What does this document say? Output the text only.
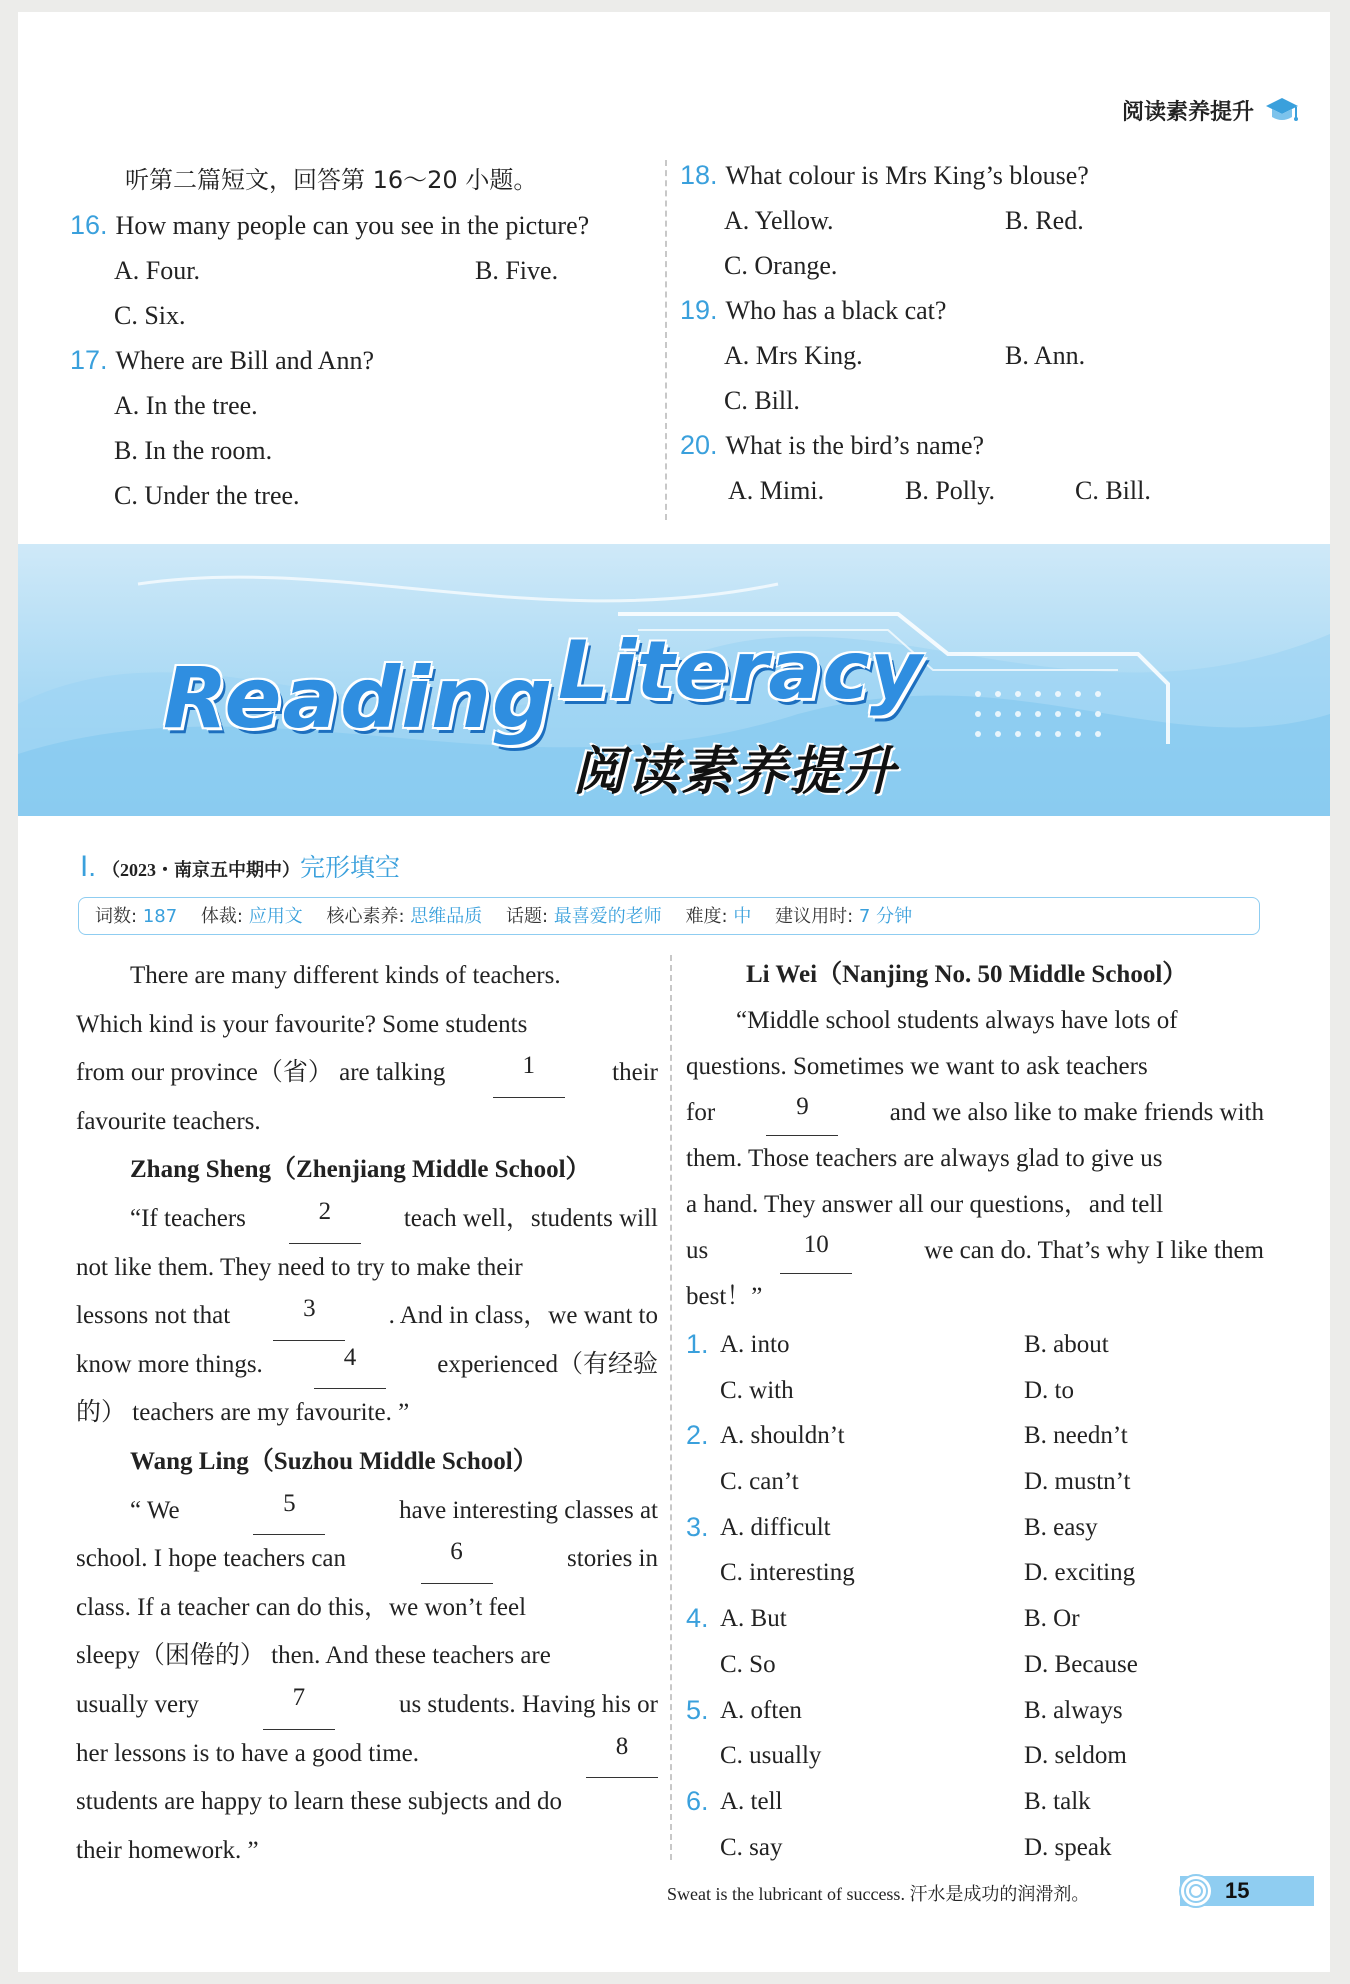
阅读素养提升
听第二篇短文，回答第 16～20 小题。
16. How many people can you see in the picture?
A. Four.	B. Five.
C. Six.
17. Where are Bill and Ann?
A. In the tree.
B. In the room.
C. Under the tree.
18. What colour is Mrs King’s blouse?
A. Yellow.	B. Red.
C. Orange.
19. Who has a black cat?
A. Mrs King.	B. Ann.
C. Bill.
20. What is the bird’s name?
A. Mimi.	B. Polly.	C. Bill.
Reading Literacy
阅读素养提升
Ⅰ. （2023・南京五中期中）完形填空
词数: 187 体裁: 应用文 核心素养: 思维品质 话题: 最喜爱的老师 难度: 中 建议用时: 7 分钟
There are many different kinds of teachers.
Which kind is your favourite? Some students
from our province（省） are talking	1	their
favourite teachers.
Zhang Sheng（Zhenjiang Middle School）
“If teachers	2	teach well，students will
not like them. They need to try to make their
lessons not that	3	. And in class，we want to
know more things.	4	experienced（有经验
的） teachers are my favourite. ”
Wang Ling（Suzhou Middle School）
“ We	5	have interesting classes at
school. I hope teachers can	6	stories in
class. If a teacher can do this，we won’t feel
sleepy（困倦的） then. And these teachers are
usually very	7	us students. Having his or
her lessons is to have a good time.	8
students are happy to learn these subjects and do
their homework. ”
Li Wei（Nanjing No. 50 Middle School）
“Middle school students always have lots of
questions. Sometimes we want to ask teachers
for	9	and we also like to make friends with
them. Those teachers are always glad to give us
a hand. They answer all our questions，and tell
us	10	we can do. That’s why I like them
best！”
1. A. into	B. about
C. with	D. to
2. A. shouldn’t	B. needn’t
C. can’t	D. mustn’t
3. A. difficult	B. easy
C. interesting	D. exciting
4. A. But	B. Or
C. So	D. Because
5. A. often	B. always
C. usually	D. seldom
6. A. tell	B. talk
C. say	D. speak
Sweat is the lubricant of success. 汗水是成功的润滑剂。	15
